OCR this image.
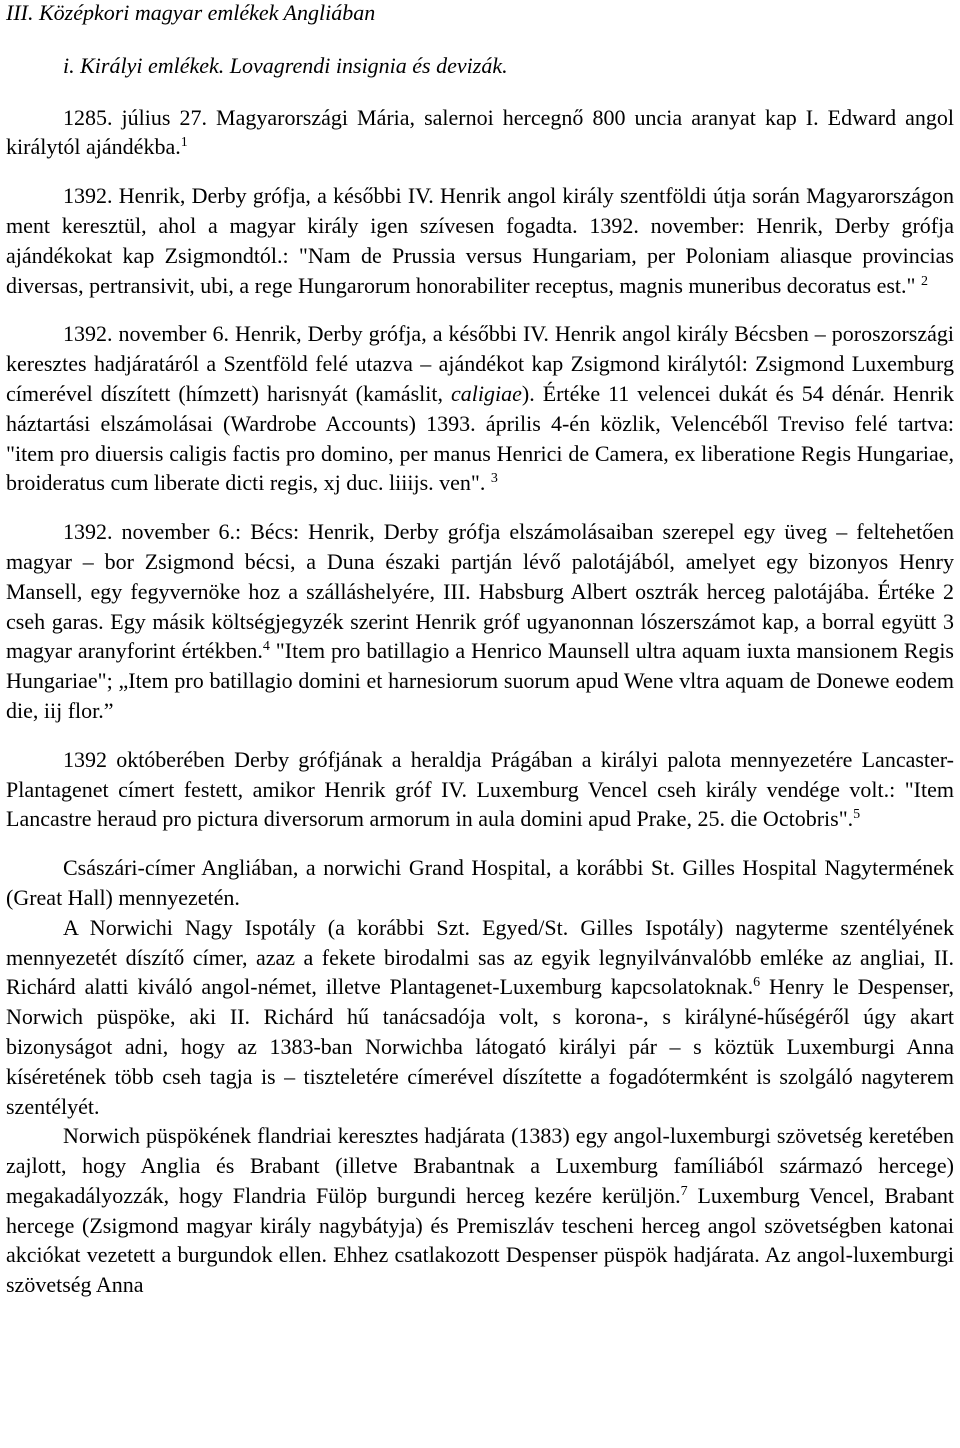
III. Középkori magyar emlékek Angliában

i. Királyi emlékek. Lovagrendi insignia és devizák.

1285. július 27. Magyarországi Mária, salernoi hercegnő 800 uncia aranyat kap I. Edward angol királytól ajándékba.$^1$

1392. Henrik, Derby grófja, a későbbi IV. Henrik angol király szentföldi útja során Magyarországon ment keresztül, ahol a magyar király igen szívesen fogadta. 1392. november: Henrik, Derby grófja ajándékokat kap Zsigmondtól.: "Nam de Prussia versus Hungariam, per Poloniam aliasque provincias diversas, pertransivit, ubi, a rege Hungarorum honorabiliter receptus, magnis muneribus decoratus est." $^2$

1392. november 6. Henrik, Derby grófja, a későbbi IV. Henrik angol király Bécsben – poroszországi keresztes hadjáratáról a Szentföld felé utazva – ajándékot kap Zsigmond királytól: Zsigmond Luxemburg címerével díszített (hímzett) harisnyát (kamáslit, caligiae). Értéke 11 velencei dukát és 54 dénár. Henrik háztartási elszámolásai (Wardrobe Accounts) 1393. április 4-én közlik, Velencéből Treviso felé tartva: "item pro diuersis caligis factis pro domino, per manus Henrici de Camera, ex liberatione Regis Hungariae, broideratus cum liberate dicti regis, xj duc. liiijs. ven". $^3$

1392. november 6.: Bécs: Henrik, Derby grófja elszámolásaiban szerepel egy üveg – feltehetően magyar – bor Zsigmond bécsi, a Duna északi partján lévő palotájából, amelyet egy bizonyos Henry Mansell, egy fegyvernöke hoz a szálláshelyére, III. Habsburg Albert osztrák herceg palotájába. Értéke 2 cseh garas. Egy másik költségjegyzék szerint Henrik gróf ugyanonnan lószerszámot kap, a borral együtt 3 magyar aranyforint értékben.$^4$ "Item pro batillagio a Henrico Maunsell ultra aquam iuxta mansionem Regis Hungariae"; „Item pro batillagio domini et harnesiorum suorum apud Wene vltra aquam de Donewe eodem die, iij flor.”

1392 októberében Derby grófjának a heraldja Prágában a királyi palota mennyezetére Lancaster-Plantagenet címert festett, amikor Henrik gróf IV. Luxemburg Vencel cseh király vendége volt.: "Item Lancastre heraud pro pictura diversorum armorum in aula domini apud Prake, 25. die Octobris".$^5$

Császári-címer Angliában, a norwichi Grand Hospital, a korábbi St. Gilles Hospital Nagytermének (Great Hall) mennyezetén.

A Norwichi Nagy Ispotály (a korábbi Szt. Egyed/St. Gilles Ispotály) nagyterme szentélyének mennyezetét díszítő címer, azaz a fekete birodalmi sas az egyik legnyilvánvalóbb emléke az angliai, II. Richárd alatti kiváló angol-német, illetve Plantagenet-Luxemburg kapcsolatoknak.$^6$ Henry le Despenser, Norwich püspöke, aki II. Richárd hű tanácsadója volt, s korona-, s királyné-hűségéről úgy akart bizonyságot adni, hogy az 1383-ban Norwichba látogató királyi pár – s köztük Luxemburgi Anna kíséretének több cseh tagja is – tiszteletére címerével díszítette a fogadótermként is szolgáló nagyterem szentélyét.

Norwich püspökének flandriai keresztes hadjárata (1383) egy angol-luxemburgi szövetség keretében zajlott, hogy Anglia és Brabant (illetve Brabantnak a Luxemburg famíliából származó hercege) megakadályozzák, hogy Flandria Fülöp burgundi herceg kezére kerüljön.$^7$ Luxemburg Vencel, Brabant hercege (Zsigmond magyar király nagybátyja) és Premiszláv tescheni herceg angol szövetségben katonai akciókat vezetett a burgundok ellen. Ehhez csatlakozott Despenser püspök hadjárata. Az angol-luxemburgi szövetség Anna
